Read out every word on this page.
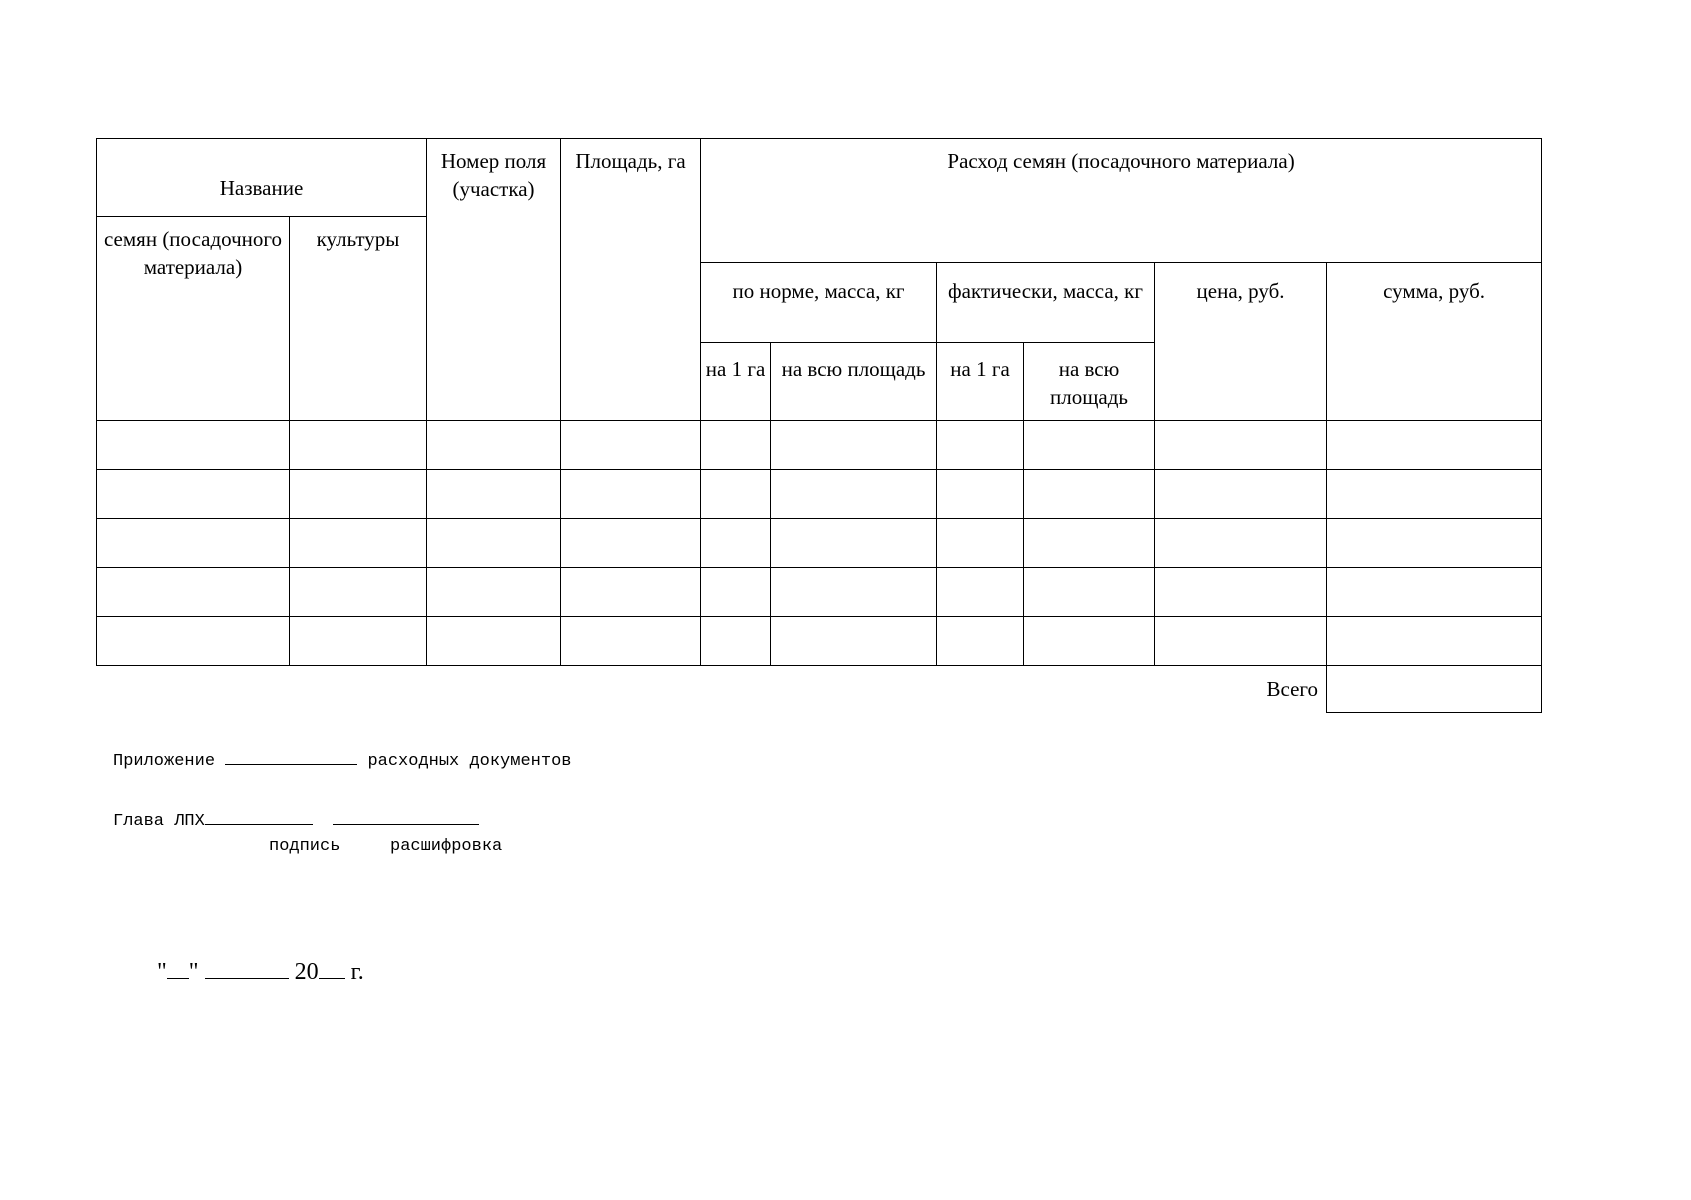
Название		Номер поля (участка)	Площадь, га	Расход семян (посадочного материала)					
семян (посадочного материала)	культуры								
				по норме, масса, кг		фактически, масса, кг		цена, руб.	сумма, руб.
				на 1 га	на всю площадь	на 1 га	на всю площадь		

Всего									
Приложение	расходных документов
Глава ЛПХ
подпись	расшифровка
" "	20 г.
